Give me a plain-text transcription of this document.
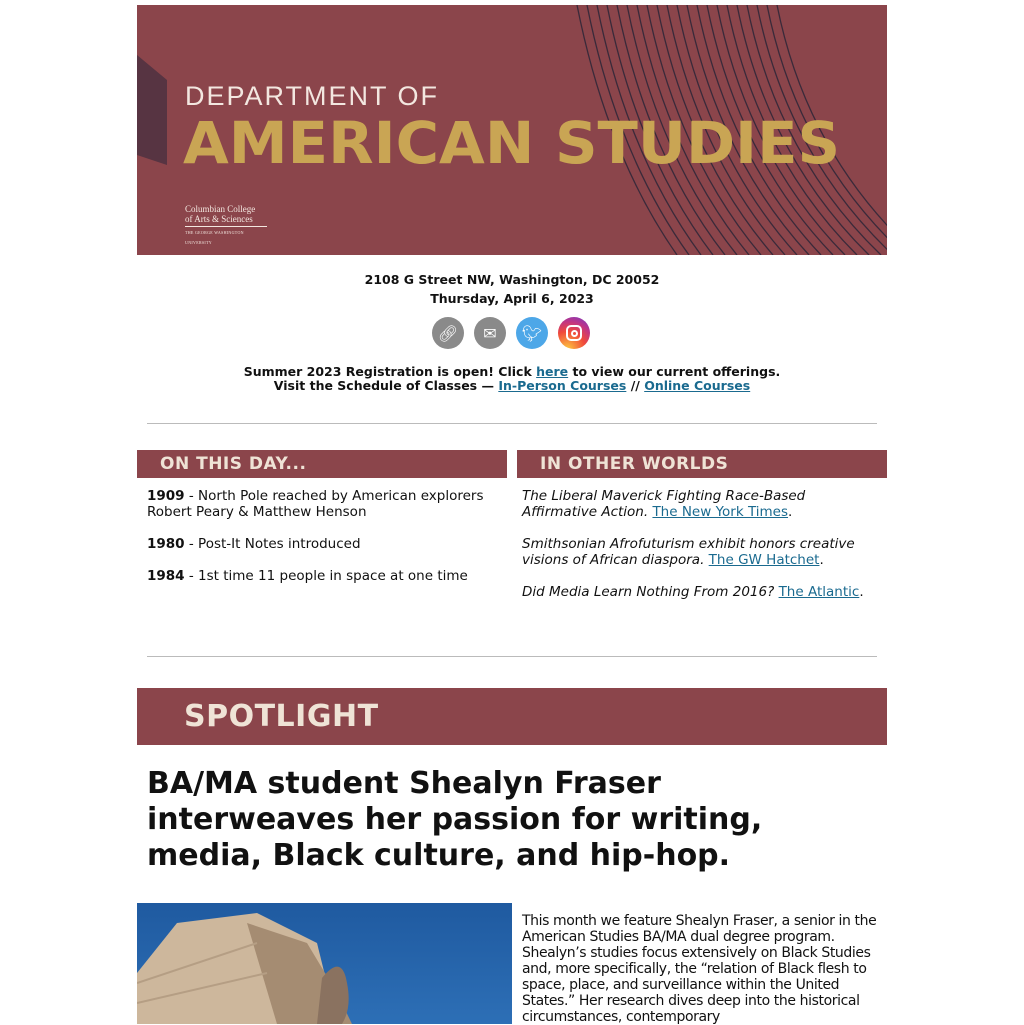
DEPARTMENT OF
AMERICAN STUDIES
Columbian College
of Arts & Sciences
THE GEORGE WASHINGTON UNIVERSITY
2108 G Street NW, Washington, DC 20052
Thursday, April 6, 2023
🔗︎	✉	🐦︎
Summer 2023 Registration is open! Click here to view our current offerings.
Visit the Schedule of Classes — In-Person Courses // Online Courses
ON THIS DAY...	IN OTHER WORLDS

1909 - North Pole reached by American explorers Robert Peary & Matthew Henson

1980 - Post-It Notes introduced

1984 - 1st time 11 people in space at one time

The Liberal Maverick Fighting Race-Based Affirmative Action. The New York Times.

Smithsonian Afrofuturism exhibit honors creative visions of African diaspora. The GW Hatchet.

Did Media Learn Nothing From 2016? The Atlantic.

SPOTLIGHT
BA/MA student Shealyn Fraser interweaves her passion for writing, media, Black culture, and hip-hop.
This month we feature Shealyn Fraser, a senior in the American Studies BA/MA dual degree program. Shealyn’s studies focus extensively on Black Studies and, more specifically, the “relation of Black flesh to space, place, and surveillance within the United States.” Her research dives deep into the historical circumstances, contemporary
